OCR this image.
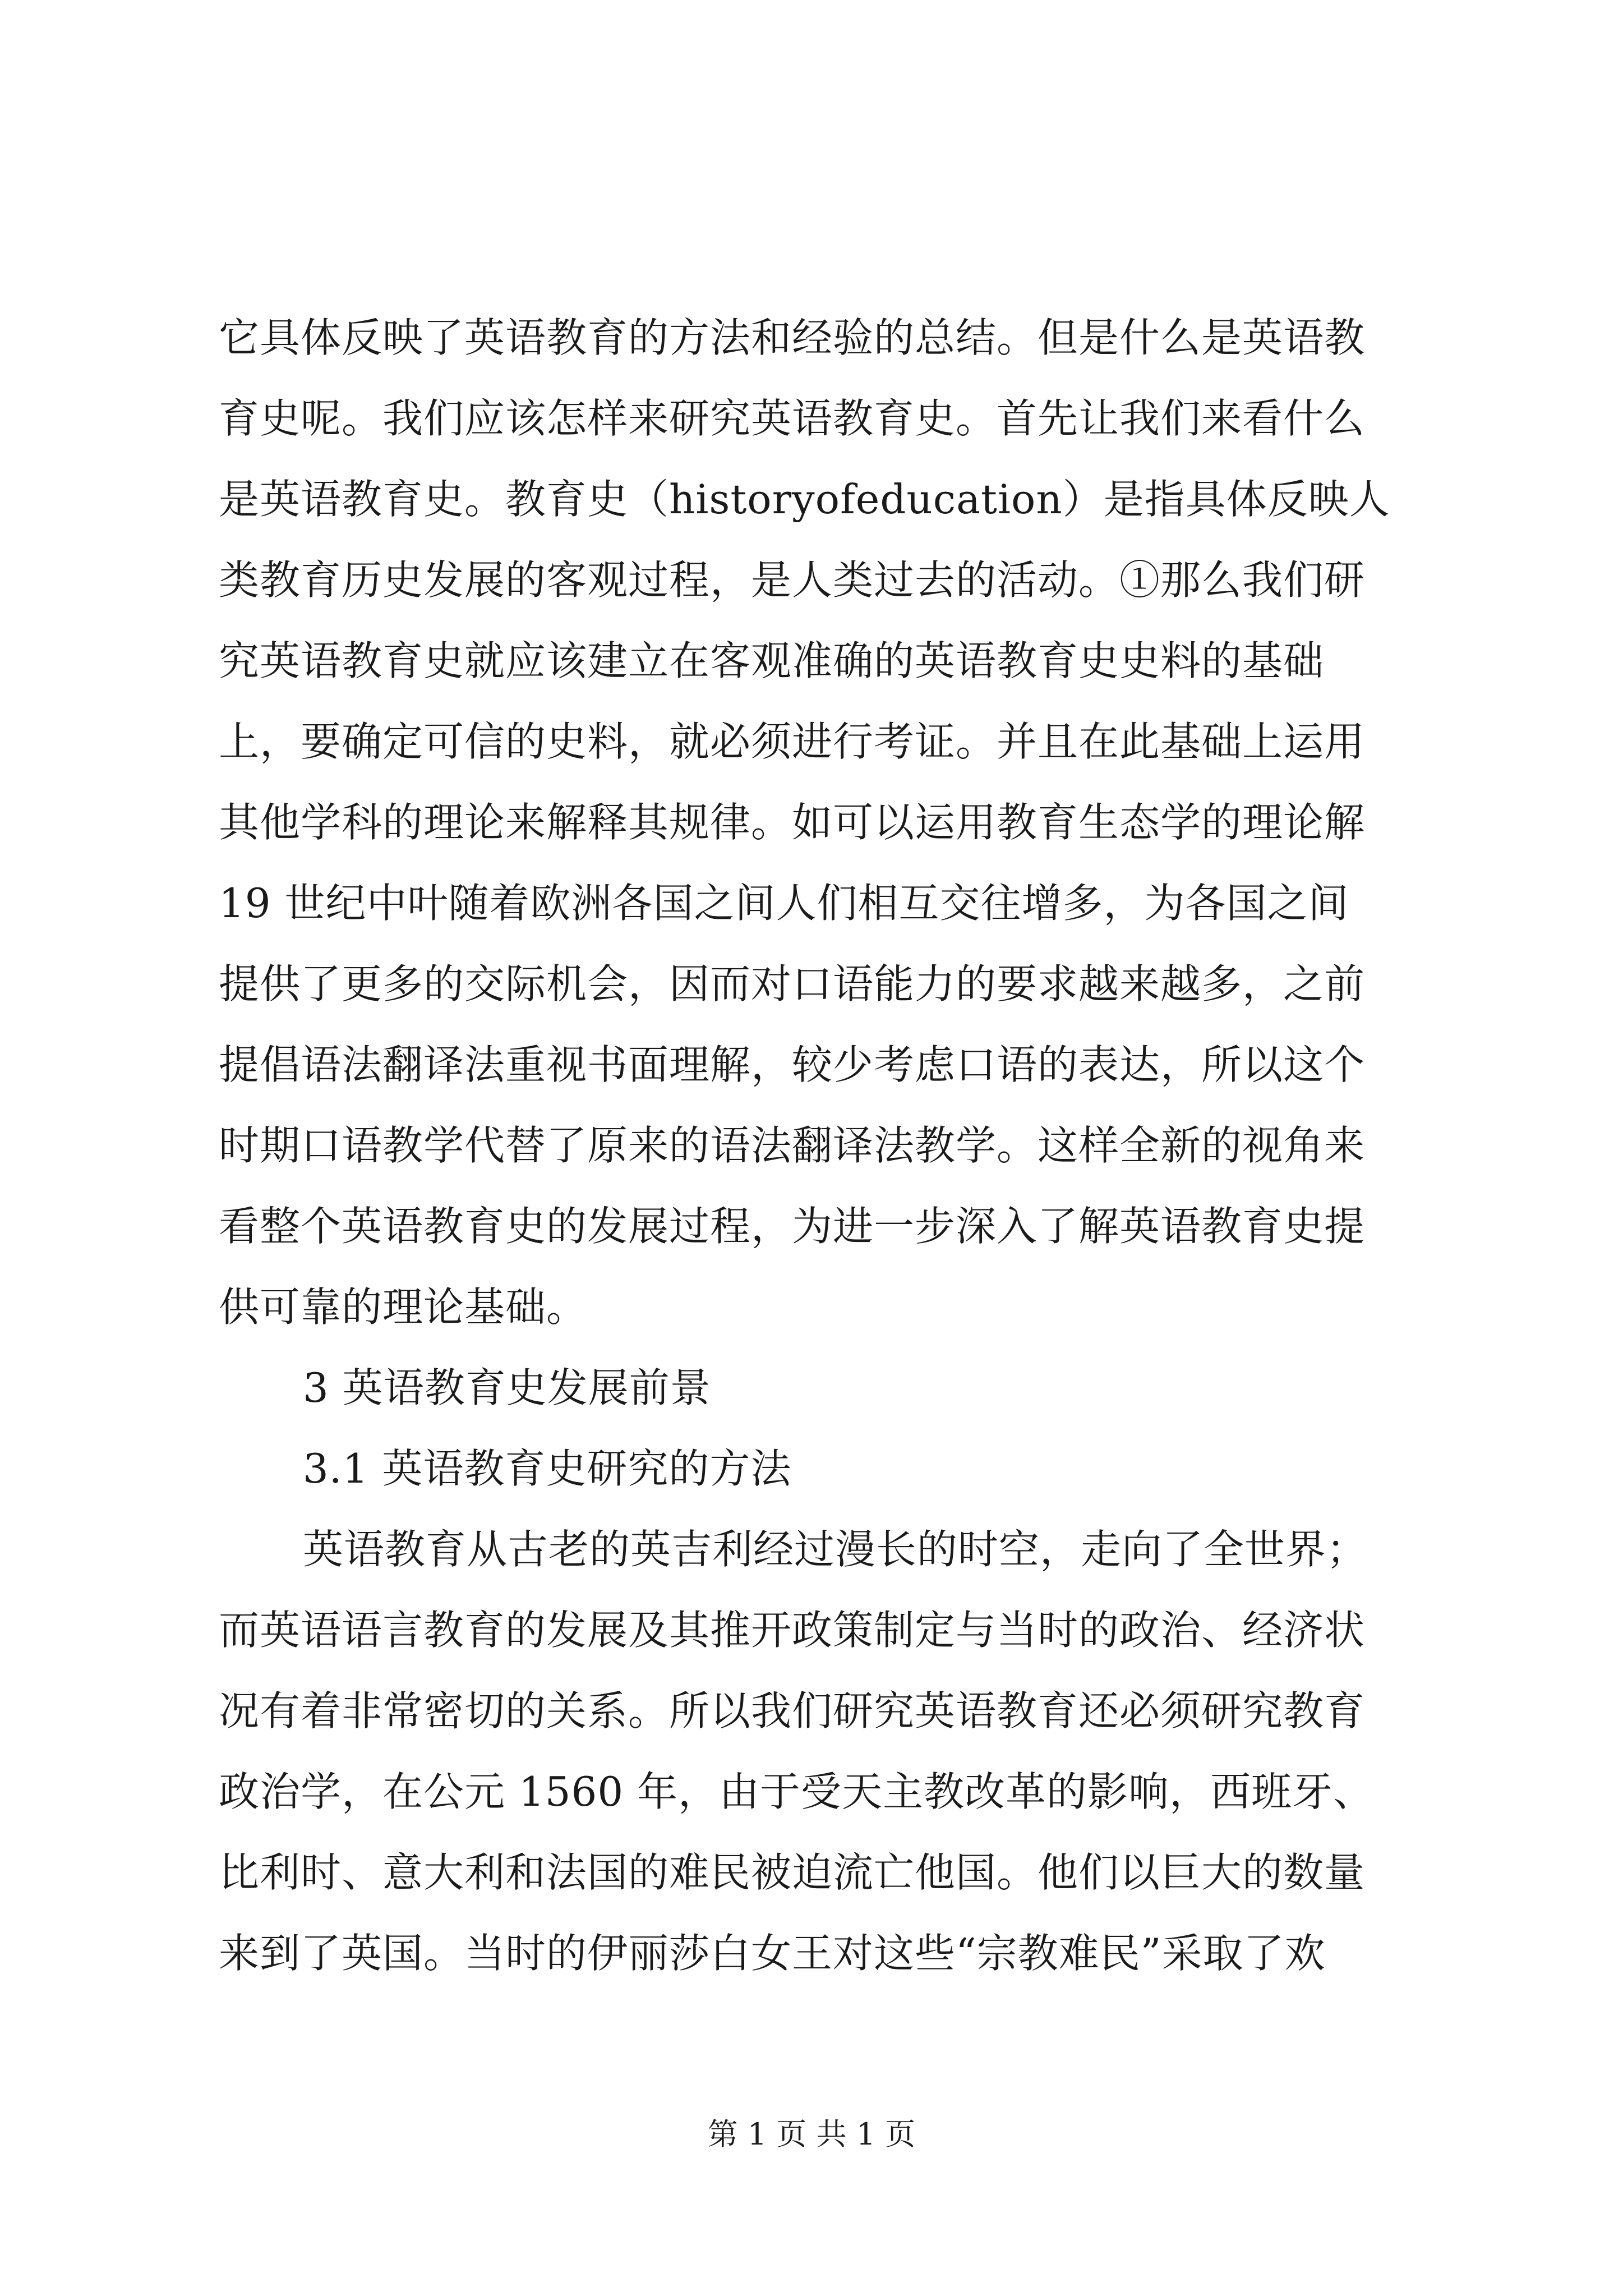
它具体反映了英语教育的方法和经验的总结。但是什么是英语教
育史呢。我们应该怎样来研究英语教育史。首先让我们来看什么
是英语教育史。教育史（historyofeducation）是指具体反映人
类教育历史发展的客观过程，是人类过去的活动。①那么我们研
究英语教育史就应该建立在客观准确的英语教育史史料的基础
上，要确定可信的史料，就必须进行考证。并且在此基础上运用
其他学科的理论来解释其规律。如可以运用教育生态学的理论解
19 世纪中叶随着欧洲各国之间人们相互交往增多，为各国之间
提供了更多的交际机会，因而对口语能力的要求越来越多，之前
提倡语法翻译法重视书面理解，较少考虑口语的表达，所以这个
时期口语教学代替了原来的语法翻译法教学。这样全新的视角来
看整个英语教育史的发展过程，为进一步深入了解英语教育史提
供可靠的理论基础。
3 英语教育史发展前景
3.1 英语教育史研究的方法
英语教育从古老的英吉利经过漫长的时空，走向了全世界；
而英语语言教育的发展及其推开政策制定与当时的政治、经济状
况有着非常密切的关系。所以我们研究英语教育还必须研究教育
政治学，在公元 1560 年，由于受天主教改革的影响，西班牙、
比利时、意大利和法国的难民被迫流亡他国。他们以巨大的数量
来到了英国。当时的伊丽莎白女王对这些“宗教难民”采取了欢
第 1 页 共 1 页
